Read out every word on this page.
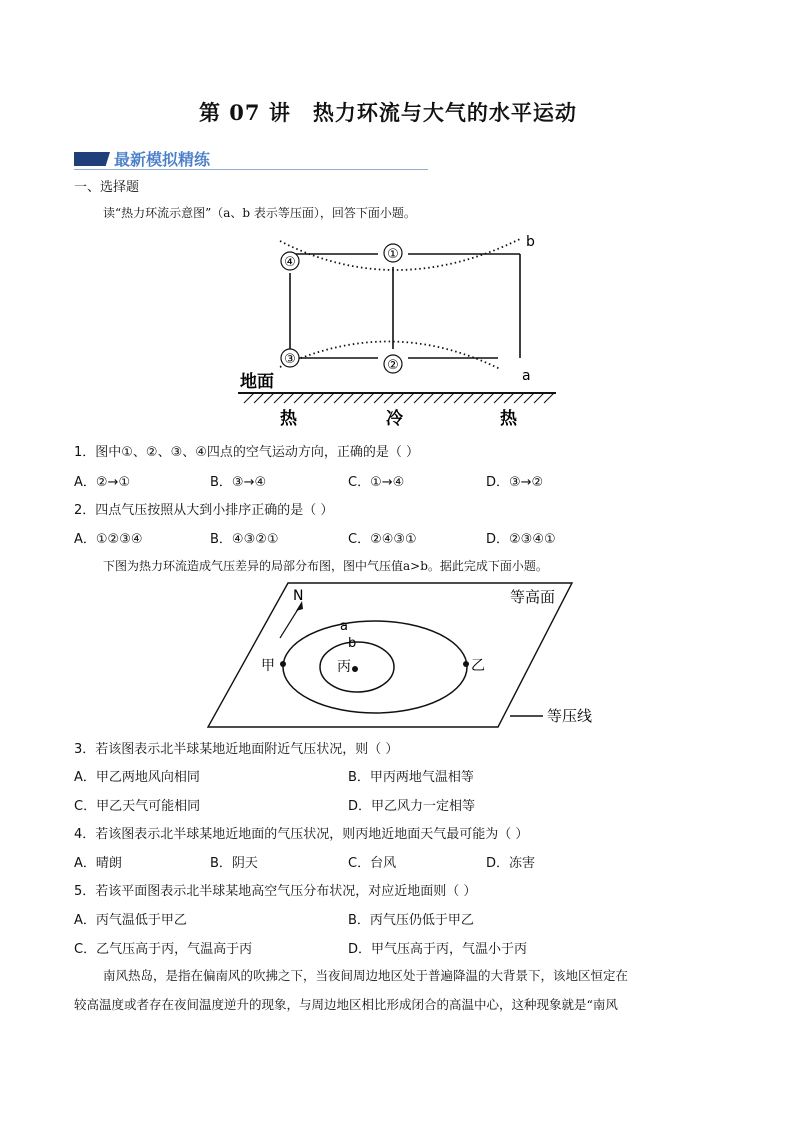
第 07 讲　热力环流与大气的水平运动
最新模拟精练
一、选择题
读“热力环流示意图”（a、b 表示等压面），回答下面小题。
④
①
③	②
b
a
地面
热	冷	热
1．图中①、②、③、④四点的空气运动方向，正确的是（ ）
A．②→①	B．③→④	C．①→④	D．③→②
2．四点气压按照从大到小排序正确的是（ ）
A．①②③④	B．④③②①	C．②④③①	D．②③④①
下图为热力环流造成气压差异的局部分布图，图中气压值a>b。据此完成下面小题。
N	等高面
a
b
甲	丙	乙
等压线
3．若该图表示北半球某地近地面附近气压状况，则（ ）
A．甲乙两地风向相同	B．甲丙两地气温相等
C．甲乙天气可能相同	D．甲乙风力一定相等
4．若该图表示北半球某地近地面的气压状况，则丙地近地面天气最可能为（ ）
A．晴朗	B．阴天	C．台风	D．冻害
5．若该平面图表示北半球某地高空气压分布状况，对应近地面则（ ）
A．丙气温低于甲乙	B．丙气压仍低于甲乙
C．乙气压高于丙，气温高于丙	D．甲气压高于丙，气温小于丙
南风热岛，是指在偏南风的吹拂之下，当夜间周边地区处于普遍降温的大背景下，该地区恒定在
较高温度或者存在夜间温度逆升的现象，与周边地区相比形成闭合的高温中心，这种现象就是“南风
